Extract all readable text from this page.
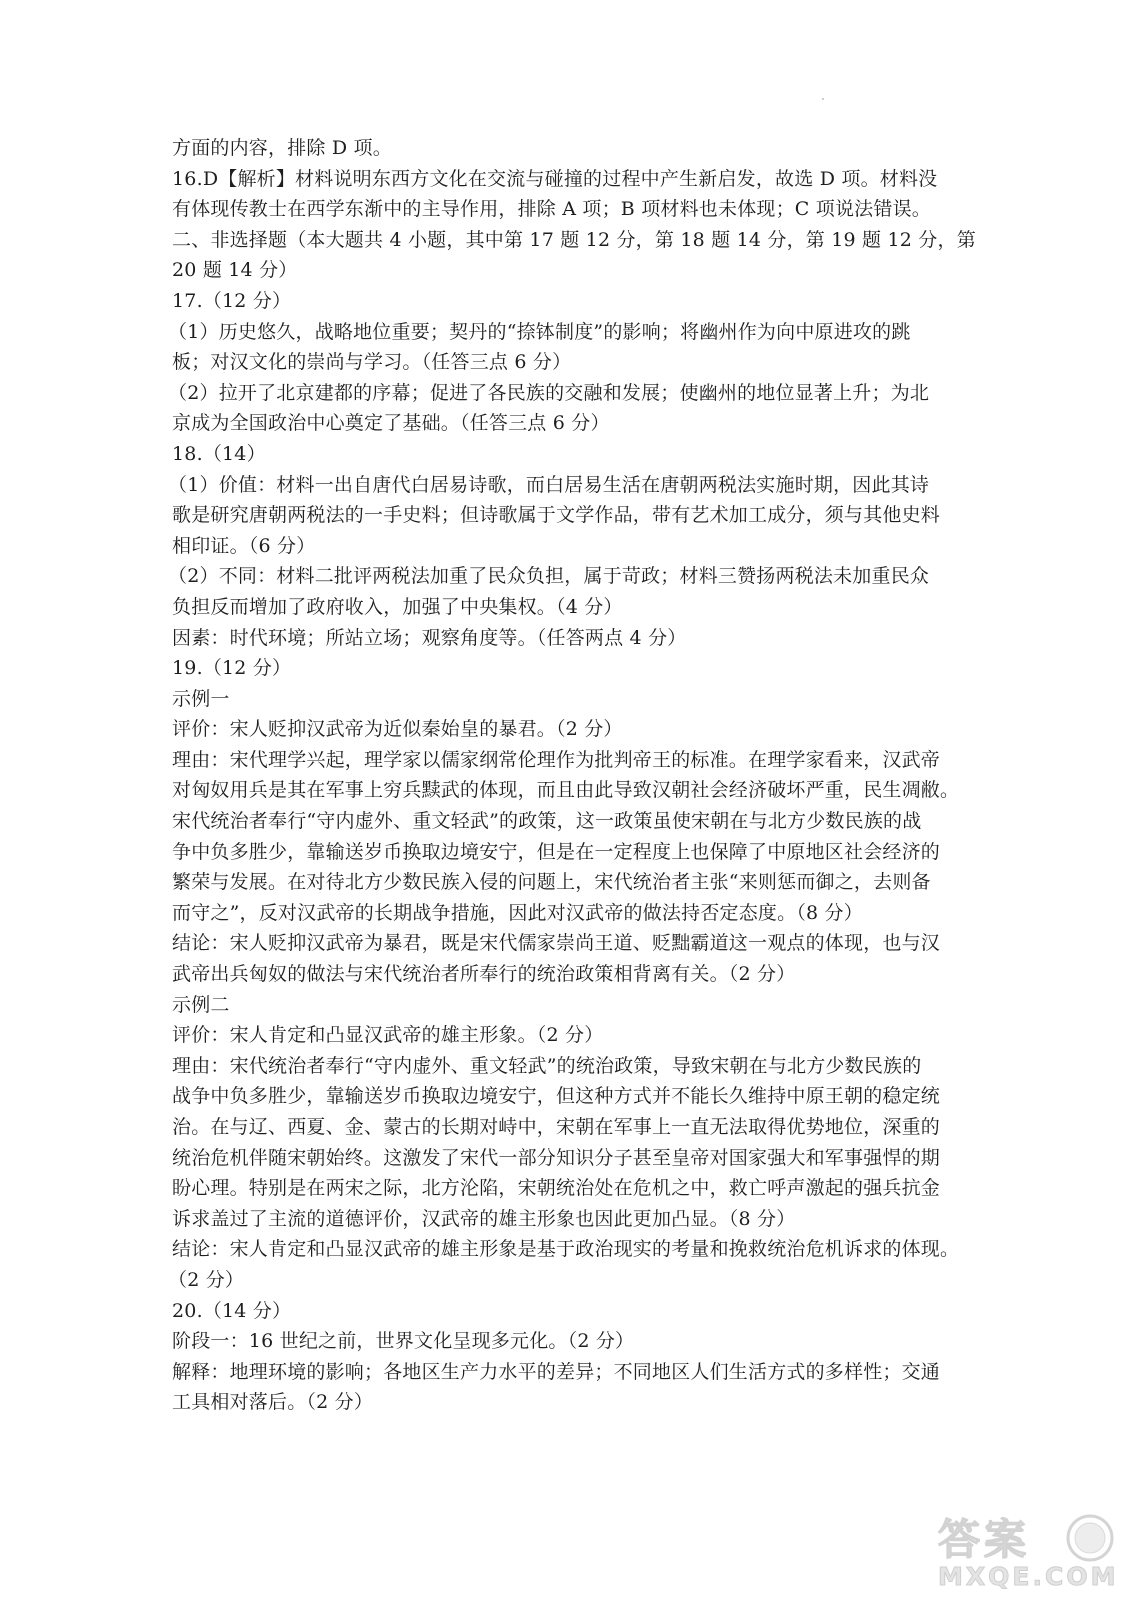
方面的内容，排除 D 项。
16.D【解析】材料说明东西方文化在交流与碰撞的过程中产生新启发，故选 D 项。材料没
有体现传教士在西学东渐中的主导作用，排除 A 项；B 项材料也未体现；C 项说法错误。
二、非选择题（本大题共 4 小题，其中第 17 题 12 分，第 18 题 14 分，第 19 题 12 分，第
20 题 14 分）
17.（12 分）
（1）历史悠久，战略地位重要；契丹的“捺钵制度”的影响；将幽州作为向中原进攻的跳
板；对汉文化的崇尚与学习。（任答三点 6 分）
（2）拉开了北京建都的序幕；促进了各民族的交融和发展；使幽州的地位显著上升；为北
京成为全国政治中心奠定了基础。（任答三点 6 分）
18.（14）
（1）价值：材料一出自唐代白居易诗歌，而白居易生活在唐朝两税法实施时期，因此其诗
歌是研究唐朝两税法的一手史料；但诗歌属于文学作品，带有艺术加工成分，须与其他史料
相印证。（6 分）
（2）不同：材料二批评两税法加重了民众负担，属于苛政；材料三赞扬两税法未加重民众
负担反而增加了政府收入，加强了中央集权。（4 分）
因素：时代环境；所站立场；观察角度等。（任答两点 4 分）
19.（12 分）
示例一
评价：宋人贬抑汉武帝为近似秦始皇的暴君。（2 分）
理由：宋代理学兴起，理学家以儒家纲常伦理作为批判帝王的标准。在理学家看来，汉武帝
对匈奴用兵是其在军事上穷兵黩武的体现，而且由此导致汉朝社会经济破坏严重，民生凋敝。
宋代统治者奉行“守内虚外、重文轻武”的政策，这一政策虽使宋朝在与北方少数民族的战
争中负多胜少，靠输送岁币换取边境安宁，但是在一定程度上也保障了中原地区社会经济的
繁荣与发展。在对待北方少数民族入侵的问题上，宋代统治者主张“来则惩而御之，去则备
而守之”，反对汉武帝的长期战争措施，因此对汉武帝的做法持否定态度。（8 分）
结论：宋人贬抑汉武帝为暴君，既是宋代儒家崇尚王道、贬黜霸道这一观点的体现，也与汉
武帝出兵匈奴的做法与宋代统治者所奉行的统治政策相背离有关。（2 分）
示例二
评价：宋人肯定和凸显汉武帝的雄主形象。（2 分）
理由：宋代统治者奉行“守内虚外、重文轻武”的统治政策，导致宋朝在与北方少数民族的
战争中负多胜少，靠输送岁币换取边境安宁，但这种方式并不能长久维持中原王朝的稳定统
治。在与辽、西夏、金、蒙古的长期对峙中，宋朝在军事上一直无法取得优势地位，深重的
统治危机伴随宋朝始终。这激发了宋代一部分知识分子甚至皇帝对国家强大和军事强悍的期
盼心理。特别是在两宋之际，北方沦陷，宋朝统治处在危机之中，救亡呼声激起的强兵抗金
诉求盖过了主流的道德评价，汉武帝的雄主形象也因此更加凸显。（8 分）
结论：宋人肯定和凸显汉武帝的雄主形象是基于政治现实的考量和挽救统治危机诉求的体现。
（2 分）
20.（14 分）
阶段一：16 世纪之前，世界文化呈现多元化。（2 分）
解释：地理环境的影响；各地区生产力水平的差异；不同地区人们生活方式的多样性；交通
工具相对落后。（2 分）
答案
MXQE.COM
